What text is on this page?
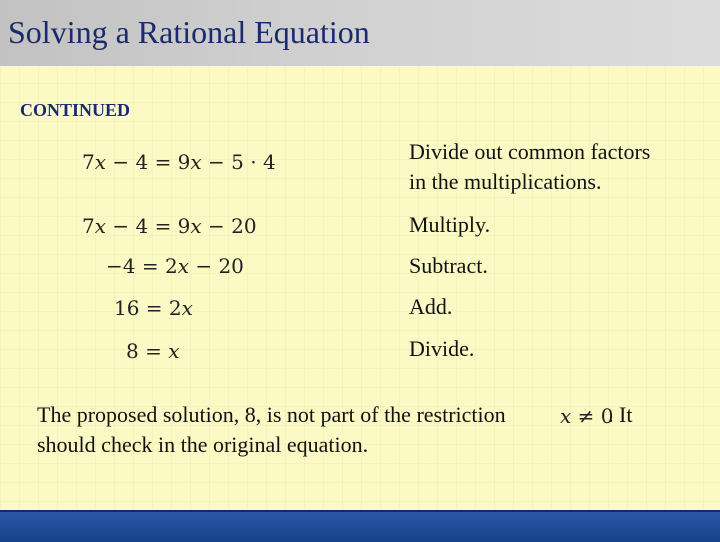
Solving a Rational Equation
CONTINUED
7x − 4 = 9x − 5 · 4
7x − 4 = 9x − 20
−4 = 2x − 20
16 = 2x
8 = x
Divide out common factors
in the multiplications.
Multiply.
Subtract.
Add.
Divide.
The proposed solution, 8, is not part of the restriction
should check in the original equation.
x ≠ 0
. It
